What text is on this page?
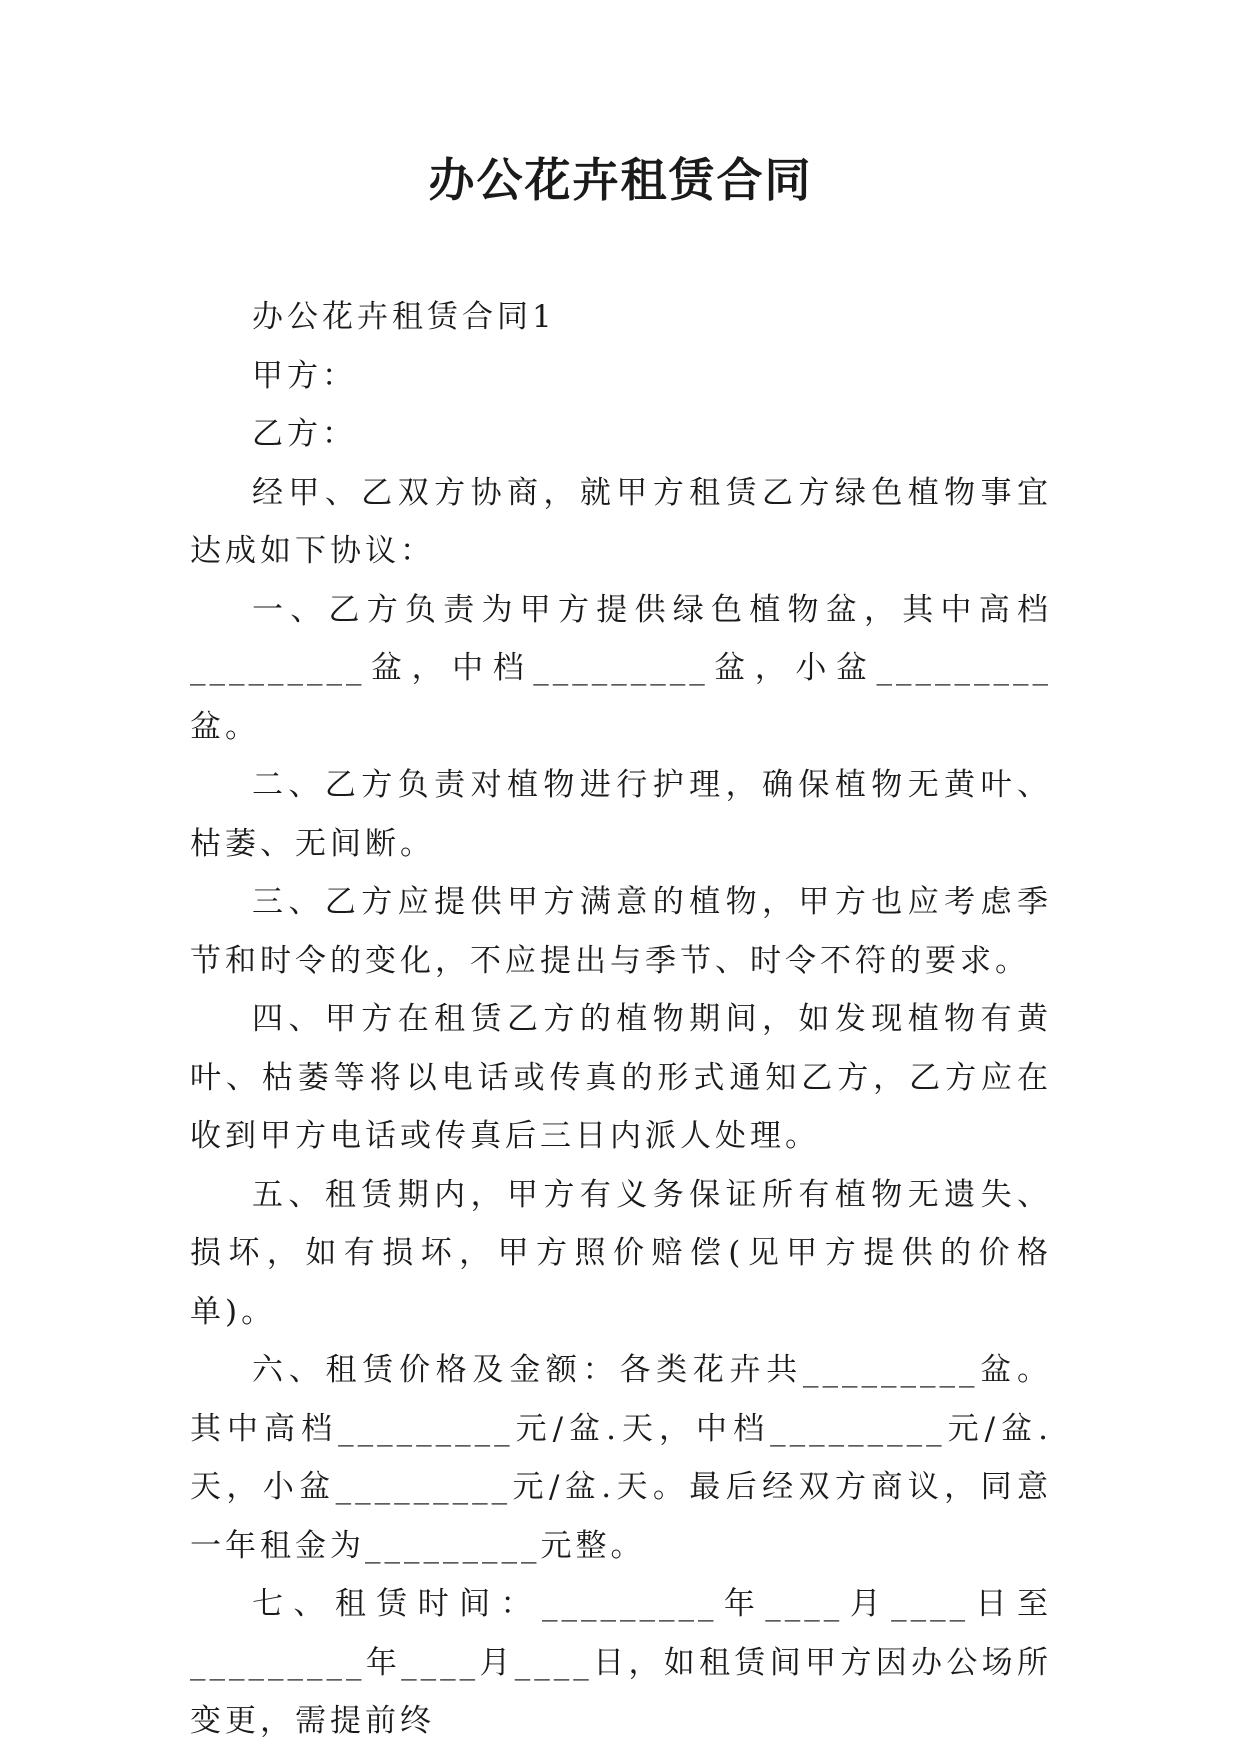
办公花卉租赁合同

办公花卉租赁合同1

甲方：

乙方：

经甲、乙双方协商，就甲方租赁乙方绿色植物事宜达成如下协议：

一、乙方负责为甲方提供绿色植物盆，其中高档_________盆，中档_________盆，小盆_________盆。

二、乙方负责对植物进行护理，确保植物无黄叶、枯萎、无间断。

三、乙方应提供甲方满意的植物，甲方也应考虑季节和时令的变化，不应提出与季节、时令不符的要求。

四、甲方在租赁乙方的植物期间，如发现植物有黄叶、枯萎等将以电话或传真的形式通知乙方，乙方应在收到甲方电话或传真后三日内派人处理。

五、租赁期内，甲方有义务保证所有植物无遗失、损坏，如有损坏，甲方照价赔偿(见甲方提供的价格单)。

六、租赁价格及金额：各类花卉共_________盆。其中高档_________元/盆.天，中档_________元/盆.天，小盆_________元/盆.天。最后经双方商议，同意一年租金为_________元整。

七、租赁时间：_________年____月____日至_________年____月____日，如租赁间甲方因办公场所变更，需提前终
